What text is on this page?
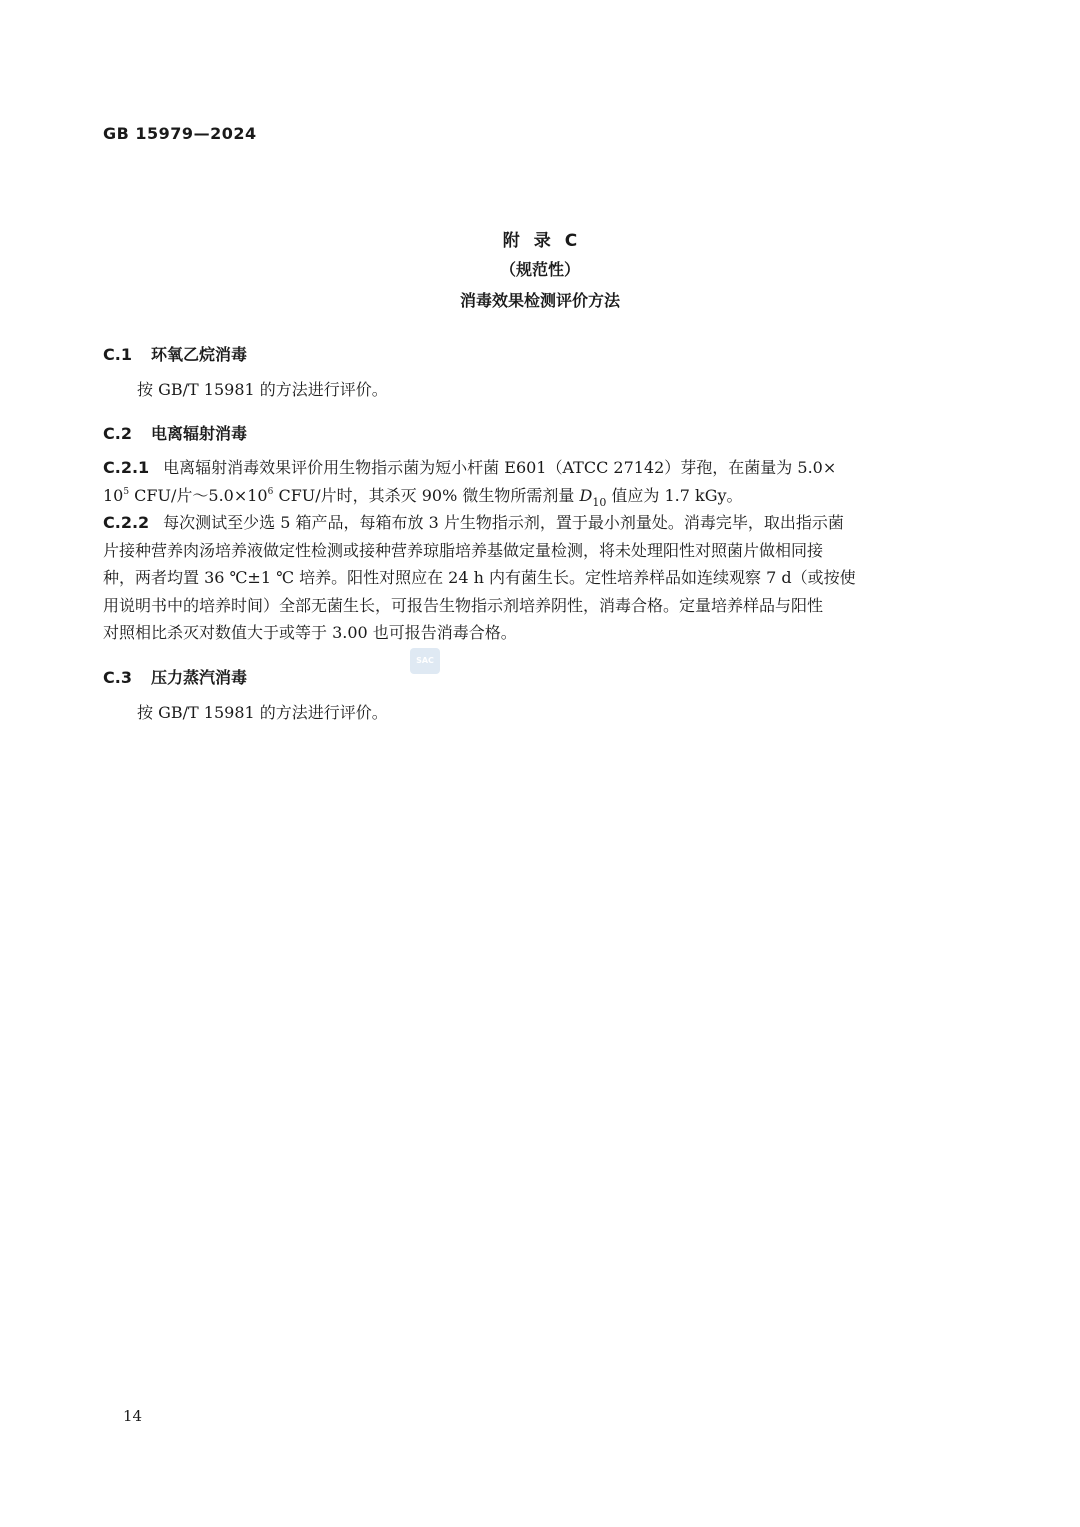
GB 15979—2024
附 录 C
（规范性）
消毒效果检测评价方法
C.1 环氧乙烷消毒
按 GB/T 15981 的方法进行评价。
C.2 电离辐射消毒
C.2.1 电离辐射消毒效果评价用生物指示菌为短小杆菌 E601（ATCC 27142）芽孢，在菌量为 5.0×
$10^5$ CFU/片$\sim 5.0\times 10^6$ CFU/片时，其杀灭 90% 微生物所需剂量 $D_{10}$ 值应为 1.7 kGy。
C.2.2 每次测试至少选 5 箱产品，每箱布放 3 片生物指示剂，置于最小剂量处。消毒完毕，取出指示菌
片接种营养肉汤培养液做定性检测或接种营养琼脂培养基做定量检测，将未处理阳性对照菌片做相同接
种，两者均置 36 ℃±1 ℃ 培养。阳性对照应在 24 h 内有菌生长。定性培养样品如连续观察 7 d（或按使
用说明书中的培养时间）全部无菌生长，可报告生物指示剂培养阴性，消毒合格。定量培养样品与阳性
对照相比杀灭对数值大于或等于 3.00 也可报告消毒合格。
SAC
C.3 压力蒸汽消毒
按 GB/T 15981 的方法进行评价。
14
